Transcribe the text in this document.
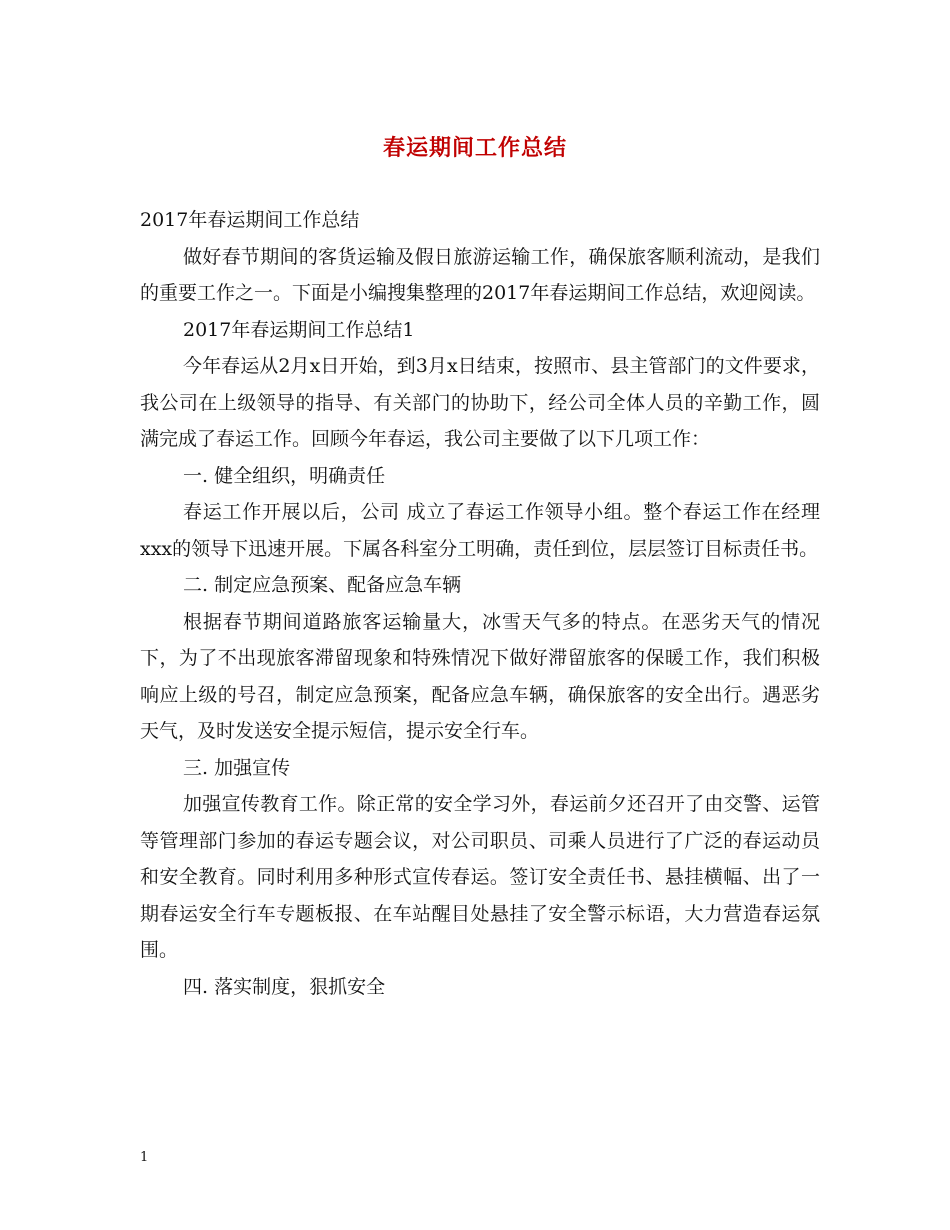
春运期间工作总结

2017年春运期间工作总结

做好春节期间的客货运输及假日旅游运输工作，确保旅客顺利流动，是我们的重要工作之一。下面是小编搜集整理的2017年春运期间工作总结，欢迎阅读。

2017年春运期间工作总结1

今年春运从2月x日开始，到3月x日结束，按照市、县主管部门的文件要求，我公司在上级领导的指导、有关部门的协助下，经公司全体人员的辛勤工作，圆满完成了春运工作。回顾今年春运，我公司主要做了以下几项工作：

一. 健全组织，明确责任

春运工作开展以后，公司 成立了春运工作领导小组。整个春运工作在经理xxx的领导下迅速开展。下属各科室分工明确，责任到位，层层签订目标责任书。

二. 制定应急预案、配备应急车辆

根据春节期间道路旅客运输量大，冰雪天气多的特点。在恶劣天气的情况下，为了不出现旅客滞留现象和特殊情况下做好滞留旅客的保暖工作，我们积极响应上级的号召，制定应急预案，配备应急车辆，确保旅客的安全出行。遇恶劣天气，及时发送安全提示短信，提示安全行车。

三. 加强宣传

加强宣传教育工作。除正常的安全学习外，春运前夕还召开了由交警、运管等管理部门参加的春运专题会议，对公司职员、司乘人员进行了广泛的春运动员和安全教育。同时利用多种形式宣传春运。签订安全责任书、悬挂横幅、出了一期春运安全行车专题板报、在车站醒目处悬挂了安全警示标语，大力营造春运氛围。

四. 落实制度，狠抓安全

1
